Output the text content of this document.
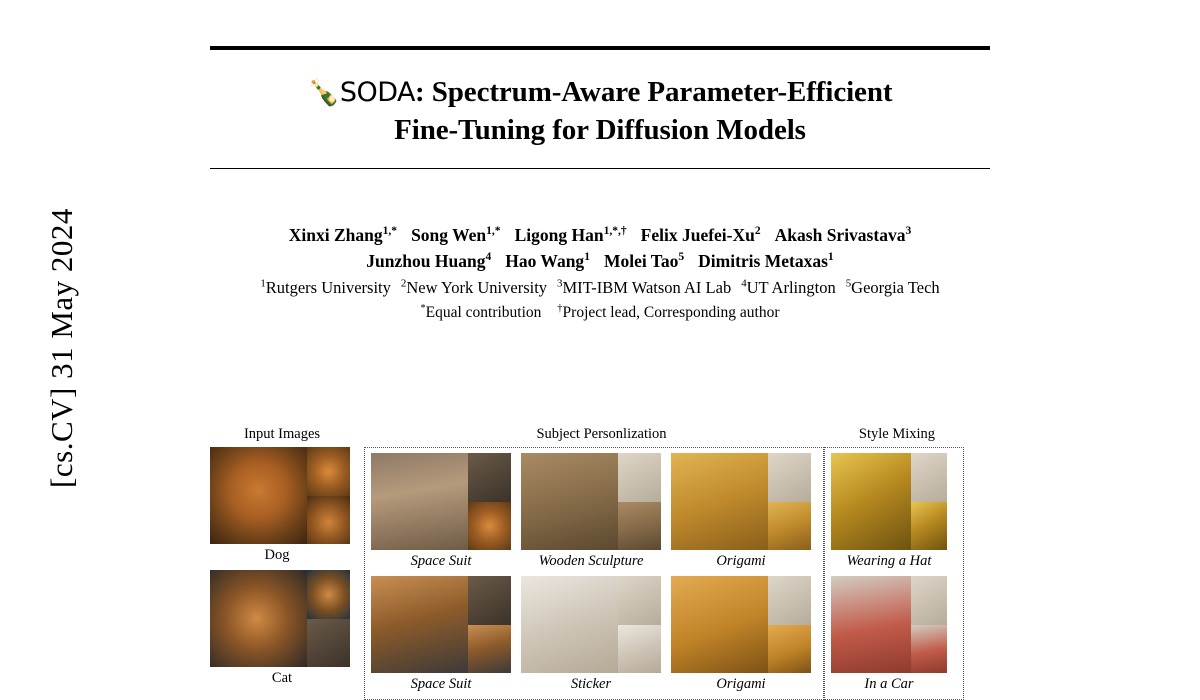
[cs.CV] 31 May 2024
🍾SODA: Spectrum-Aware Parameter-Efficient
Fine-Tuning for Diffusion Models
Xinxi Zhang$^{1,*}$ Song Wen$^{1,*}$ Ligong Han$^{1,*,\dagger}$ Felix Juefei-Xu$^2$ Akash Srivastava$^3$
Junzhou Huang$^4$ Hao Wang$^1$ Molei Tao$^5$ Dimitris Metaxas$^1$
$^1$Rutgers University $^2$New York University $^3$MIT-IBM Watson AI Lab $^4$UT Arlington $^5$Georgia Tech
*Equal contribution †Project lead, Corresponding author
Input Images	Subject Personlization	Style Mixing
Dog
Cat
Space Suit	Wooden Sculpture	Origami
Space Suit	Sticker	Origami
Wearing a Hat
In a Car
